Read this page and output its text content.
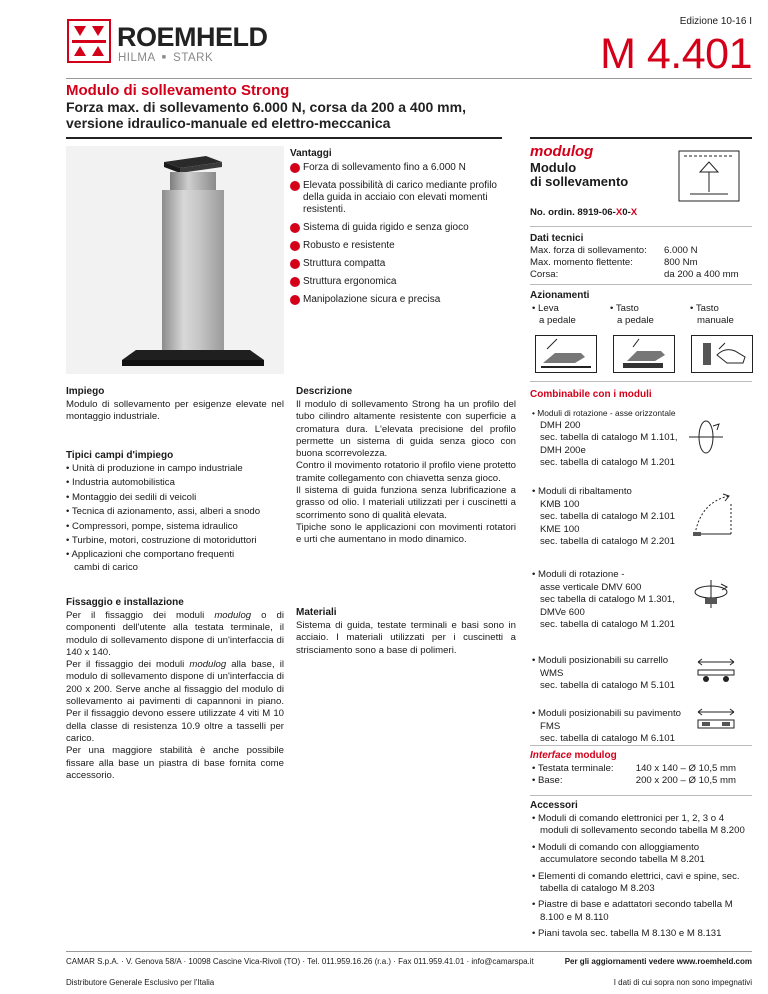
ROEMHELD
HILMA ■ STARK
Edizione 10-16 I
M 4.401
Modulo di sollevamento Strong
Forza max. di sollevamento 6.000 N, corsa da 200 a 400 mm,
versione idraulico-manuale ed elettro-meccanica
Vantaggi
Forza di sollevamento fino a 6.000 N
Elevata possibilità di carico mediante profilo della guida in acciaio con elevati momenti resistenti.
Sistema di guida rigido e senza gioco
Robusto e resistente
Struttura compatta
Struttura ergonomica
Manipolazione sicura e precisa
modulog
Modulo
di sollevamento
No. ordin. 8919-06-X0-X
Dati tecnici
Max. forza di sollevamento:	6.000 N
Max. momento flettente:	800 Nm
Corsa:	da 200 a 400 mm
Azionamenti
• Leva
a pedale
• Tasto
a pedale
• Tasto
manuale
Impiego
Modulo di sollevamento per esigenze elevate nel montaggio industriale.
Tipici campi d'impiego
• Unità di produzione in campo industriale
• Industria automobilistica
• Montaggio dei sedili di veicoli
• Tecnica di azionamento, assi, alberi a snodo
• Compressori, pompe, sistema idraulico
• Turbine, motori, costruzione di motoriduttori
• Applicazioni che comportano frequenti cambi di carico
Fissaggio e installazione
Per il fissaggio dei moduli modulog o di componenti dell'utente alla testata terminale, il modulo di sollevamento dispone di un'interfaccia di 140 x 140.
Per il fissaggio dei moduli modulog alla base, il modulo di sollevamento dispone di un'interfaccia di 200 x 200. Serve anche al fissaggio del modulo di sollevamento ai pavimenti di capannoni in piano. Per il fissaggio devono essere utilizzate 4 viti M 10 della classe di resistenza 10.9 oltre a tasselli per carico.
Per una maggiore stabilità è anche possibile fissare alla base un piastra di base fornita come accessorio.
Descrizione
Il modulo di sollevamento Strong ha un profilo del tubo cilindro altamente resistente con superficie a cromatura dura. L'elevata precisione del profilo permette un sistema di guida senza gioco con buona scorrevolezza.
Contro il movimento rotatorio il profilo viene protetto tramite collegamento con chiavetta senza gioco.
Il sistema di guida funziona senza lubrificazione a grasso od olio. I materiali utilizzati per i cuscinetti a scorrimento sono di qualità elevata.
Tipiche sono le applicazioni con movimenti rotatori e urti che aumentano in modo dinamico.
Materiali
Sistema di guida, testate terminali e basi sono in acciaio. I materiali utilizzati per i cuscinetti a strisciamento sono a base di polimeri.
Combinabile con i moduli
• Moduli di rotazione - asse orizzontale
DMH 200
sec. tabella di catalogo M 1.101,
DMH 200e
sec. tabella di catalogo M 1.201
• Moduli di ribaltamento
KMB 100
sec. tabella di catalogo M 2.101
KME 100
sec. tabella di catalogo M 2.201
• Moduli di rotazione -
asse verticale DMV 600
sec tabella di catalogo M 1.301,
DMVe 600
sec. tabella di catalogo M 1.201
• Moduli posizionabili su carrello
WMS
sec. tabella di catalogo M 5.101
• Moduli posizionabili su pavimento
FMS
sec. tabella di catalogo M 6.101
Interface modulog
• Testata terminale:	140 x 140 – Ø 10,5 mm
• Base:	200 x 200 – Ø 10,5 mm
Accessori
• Moduli di comando elettronici per 1, 2, 3 o 4 moduli di sollevamento secondo tabella M 8.200
• Moduli di comando con alloggiamento accumulatore secondo tabella M 8.201
• Elementi di comando elettrici, cavi e spine, sec. tabella di catalogo M 8.203
• Piastre di base e adattatori secondo tabella M 8.100 e M 8.110
• Piani tavola sec. tabella M 8.130 e M 8.131
CAMAR S.p.A. · V. Genova 58/A · 10098 Cascine Vica-Rivoli (TO) · Tel. 011.959.16.26 (r.a.) · Fax 011.959.41.01 · info@camarspa.it	Per gli aggiornamenti vedere www.roemheld.com
Distributore Generale Esclusivo per l'Italia	I dati di cui sopra non sono impegnativi
